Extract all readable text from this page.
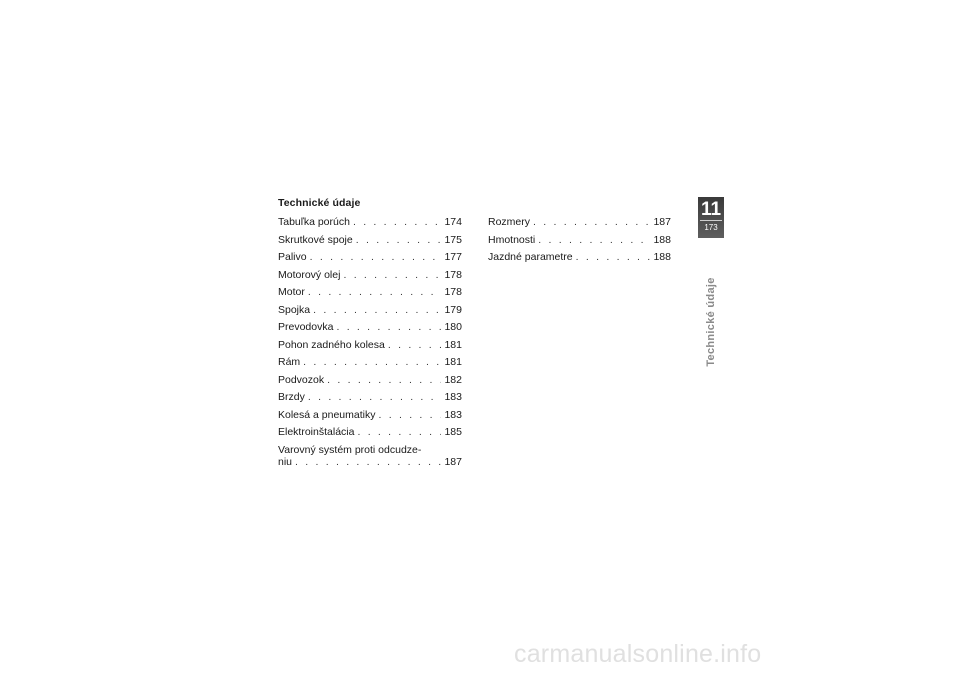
Technické údaje
Tabuľka porúch . . .	174
Skrutkové spoje . . .	175
Palivo . . .	177
Motorový olej . . .	178
Motor . . .	178
Spojka . . .	179
Prevodovka . . .	180
Pohon zadného kolesa . . .	181
Rám . . .	181
Podvozok . . .	182
Brzdy . . .	183
Kolesá a pneumatiky . . .	183
Elektroinštalácia . . .	185
Varovný systém proti odcudze-
niu . . .	187
Rozmery . . .	187
Hmotnosti . . .	188
Jazdné parametre . . .	188
11
173
Technické údaje
carmanualsonline.info
